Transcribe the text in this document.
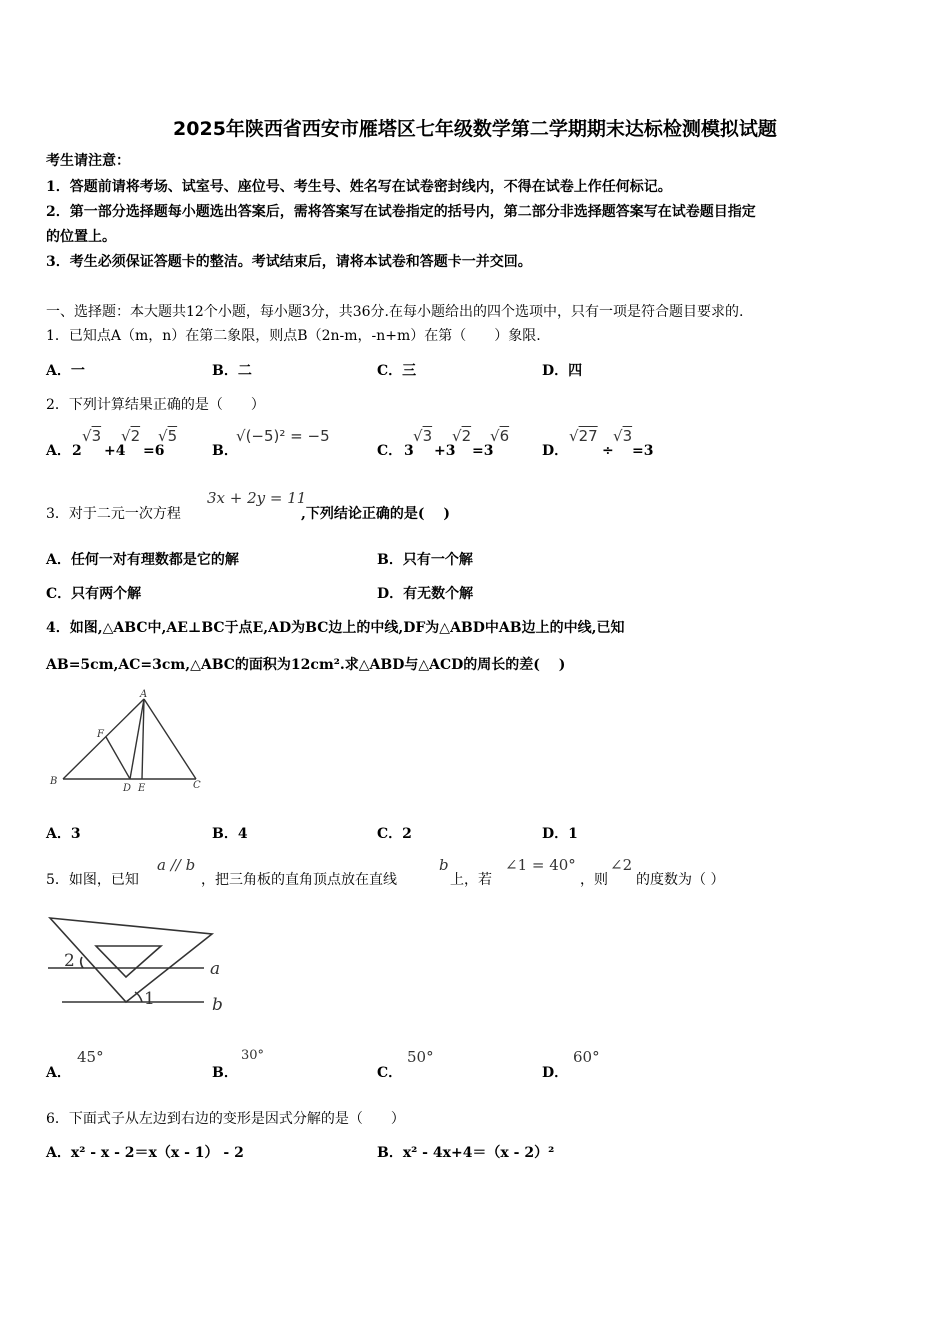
2025年陕西省西安市雁塔区七年级数学第二学期期末达标检测模拟试题
考生请注意：
1．答题前请将考场、试室号、座位号、考生号、姓名写在试卷密封线内，不得在试卷上作任何标记。
2．第一部分选择题每小题选出答案后，需将答案写在试卷指定的括号内，第二部分非选择题答案写在试卷题目指定
的位置上。
3．考生必须保证答题卡的整洁。考试结束后，请将本试卷和答题卡一并交回。
一、选择题：本大题共12个小题，每小题3分，共36分.在每小题给出的四个选项中，只有一项是符合题目要求的.
1．已知点A（m，n）在第二象限，则点B（2n-m，-n+m）在第（　　）象限.
A．一	B．二	C．三	D．四
2．下列计算结果正确的是（　　）
A． 2
√3
+4
√2
=6
√5
B．
√(−5)² = −5
C． 3
√3
+3
√2
=3
√6
D．
√27
÷
√3
=3
3．对于二元一次方程
3x + 2y = 11
,下列结论正确的是(　 )
A．任何一对有理数都是它的解	B．只有一个解
C．只有两个解	D．有无数个解
4．如图,△ABC中,AE⊥BC于点E,AD为BC边上的中线,DF为△ABD中AB边上的中线,已知
AB=5cm,AC=3cm,△ABC的面积为12cm².求△ABD与△ACD的周长的差(　 )
A
B	C
D E
F
A．3	B．4	C．2	D．1
5．如图，已知
a // b
，把三角板的直角顶点放在直线
b
上，若
∠1 = 40°
，则
∠2
的度数为（ ）
2
1
a
b
A．
45°
B．
30°
C．
50°
D．
60°
6．下面式子从左边到右边的变形是因式分解的是（　　）
A．x² - x - 2＝x（x - 1） - 2	B．x² - 4x+4＝（x - 2）²
